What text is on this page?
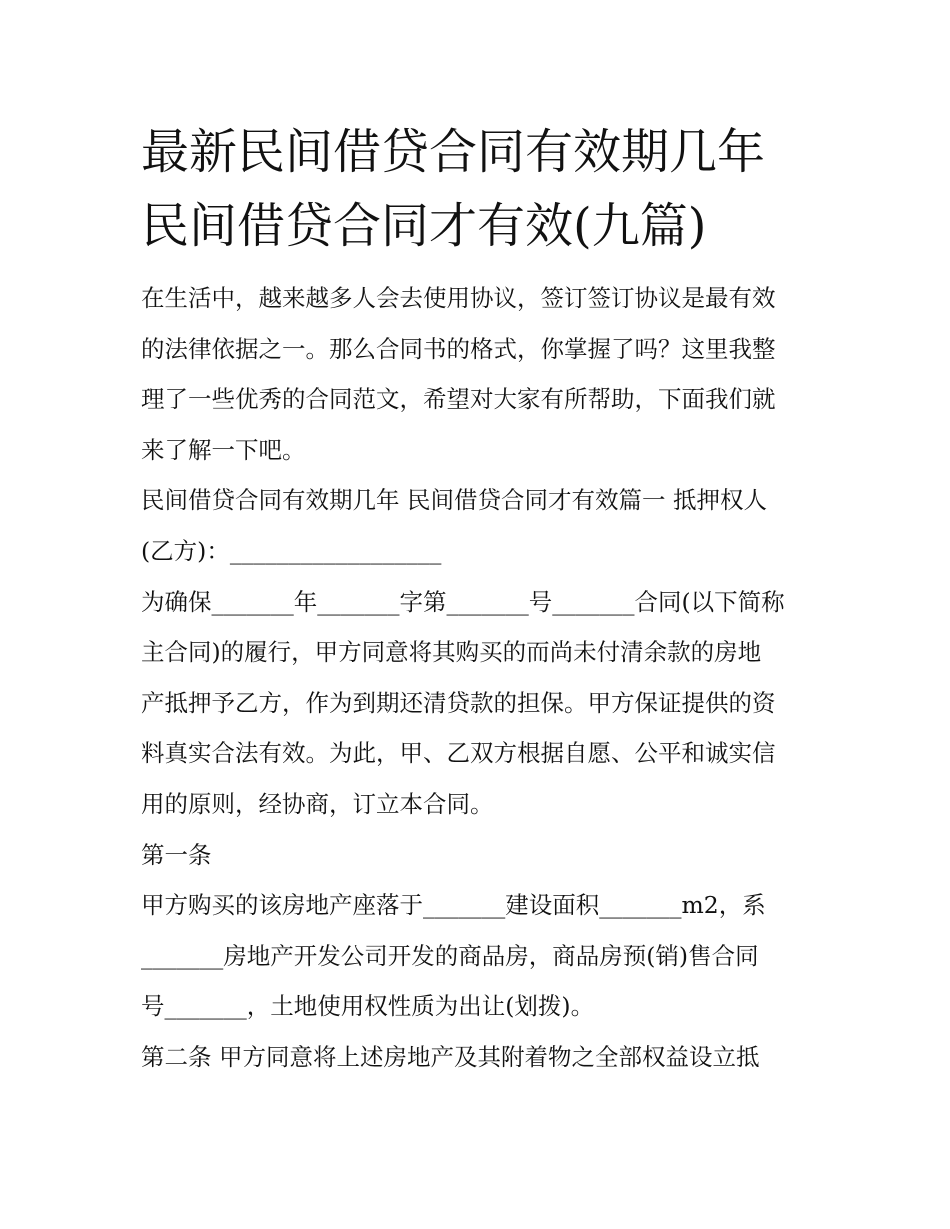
最新民间借贷合同有效期几年
民间借贷合同才有效(九篇)

在生活中，越来越多人会去使用协议，签订签订协议是最有效
的法律依据之一。那么合同书的格式，你掌握了吗？这里我整
理了一些优秀的合同范文，希望对大家有所帮助，下面我们就
来了解一下吧。

民间借贷合同有效期几年 民间借贷合同才有效篇一 抵押权人
(乙方)：__________________

为确保_______年_______字第_______号_______合同(以下简称
主合同)的履行，甲方同意将其购买的而尚未付清余款的房地
产抵押予乙方，作为到期还清贷款的担保。甲方保证提供的资
料真实合法有效。为此，甲、乙双方根据自愿、公平和诚实信
用的原则，经协商，订立本合同。

第一条

甲方购买的该房地产座落于_______建设面积_______m2，系
_______房地产开发公司开发的商品房，商品房预(销)售合同
号_______，土地使用权性质为出让(划拨)。

第二条 甲方同意将上述房地产及其附着物之全部权益设立抵
